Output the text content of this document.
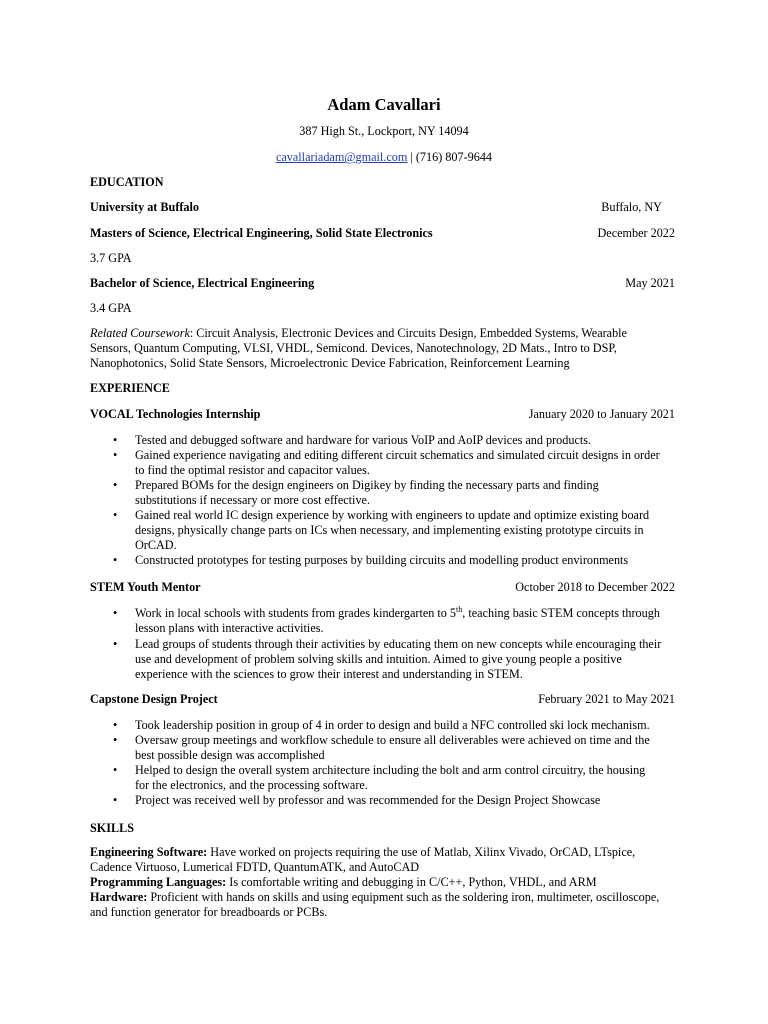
Adam Cavallari
387 High St., Lockport, NY 14094
cavallariadam@gmail.com | (716) 807-9644
EDUCATION
University at Buffalo	Buffalo, NY
Masters of Science, Electrical Engineering, Solid State Electronics	December 2022
3.7 GPA
Bachelor of Science, Electrical Engineering	May 2021
3.4 GPA
Related Coursework: Circuit Analysis, Electronic Devices and Circuits Design, Embedded Systems, Wearable
Sensors, Quantum Computing, VLSI, VHDL, Semicond. Devices, Nanotechnology, 2D Mats., Intro to DSP,
Nanophotonics, Solid State Sensors, Microelectronic Device Fabrication, Reinforcement Learning
EXPERIENCE
VOCAL Technologies Internship	January 2020 to January 2021
• Tested and debugged software and hardware for various VoIP and AoIP devices and products.
• Gained experience navigating and editing different circuit schematics and simulated circuit designs in order
to find the optimal resistor and capacitor values.
• Prepared BOMs for the design engineers on Digikey by finding the necessary parts and finding
substitutions if necessary or more cost effective.
• Gained real world IC design experience by working with engineers to update and optimize existing board
designs, physically change parts on ICs when necessary, and implementing existing prototype circuits in
OrCAD.
• Constructed prototypes for testing purposes by building circuits and modelling product environments
STEM Youth Mentor	October 2018 to December 2022
• Work in local schools with students from grades kindergarten to 5th, teaching basic STEM concepts through
lesson plans with interactive activities.
• Lead groups of students through their activities by educating them on new concepts while encouraging their
use and development of problem solving skills and intuition. Aimed to give young people a positive
experience with the sciences to grow their interest and understanding in STEM.
Capstone Design Project	February 2021 to May 2021
• Took leadership position in group of 4 in order to design and build a NFC controlled ski lock mechanism.
• Oversaw group meetings and workflow schedule to ensure all deliverables were achieved on time and the
best possible design was accomplished
• Helped to design the overall system architecture including the bolt and arm control circuitry, the housing
for the electronics, and the processing software.
• Project was received well by professor and was recommended for the Design Project Showcase
SKILLS
Engineering Software: Have worked on projects requiring the use of Matlab, Xilinx Vivado, OrCAD, LTspice,
Cadence Virtuoso, Lumerical FDTD, QuantumATK, and AutoCAD
Programming Languages: Is comfortable writing and debugging in C/C++, Python, VHDL, and ARM
Hardware: Proficient with hands on skills and using equipment such as the soldering iron, multimeter, oscilloscope,
and function generator for breadboards or PCBs.
